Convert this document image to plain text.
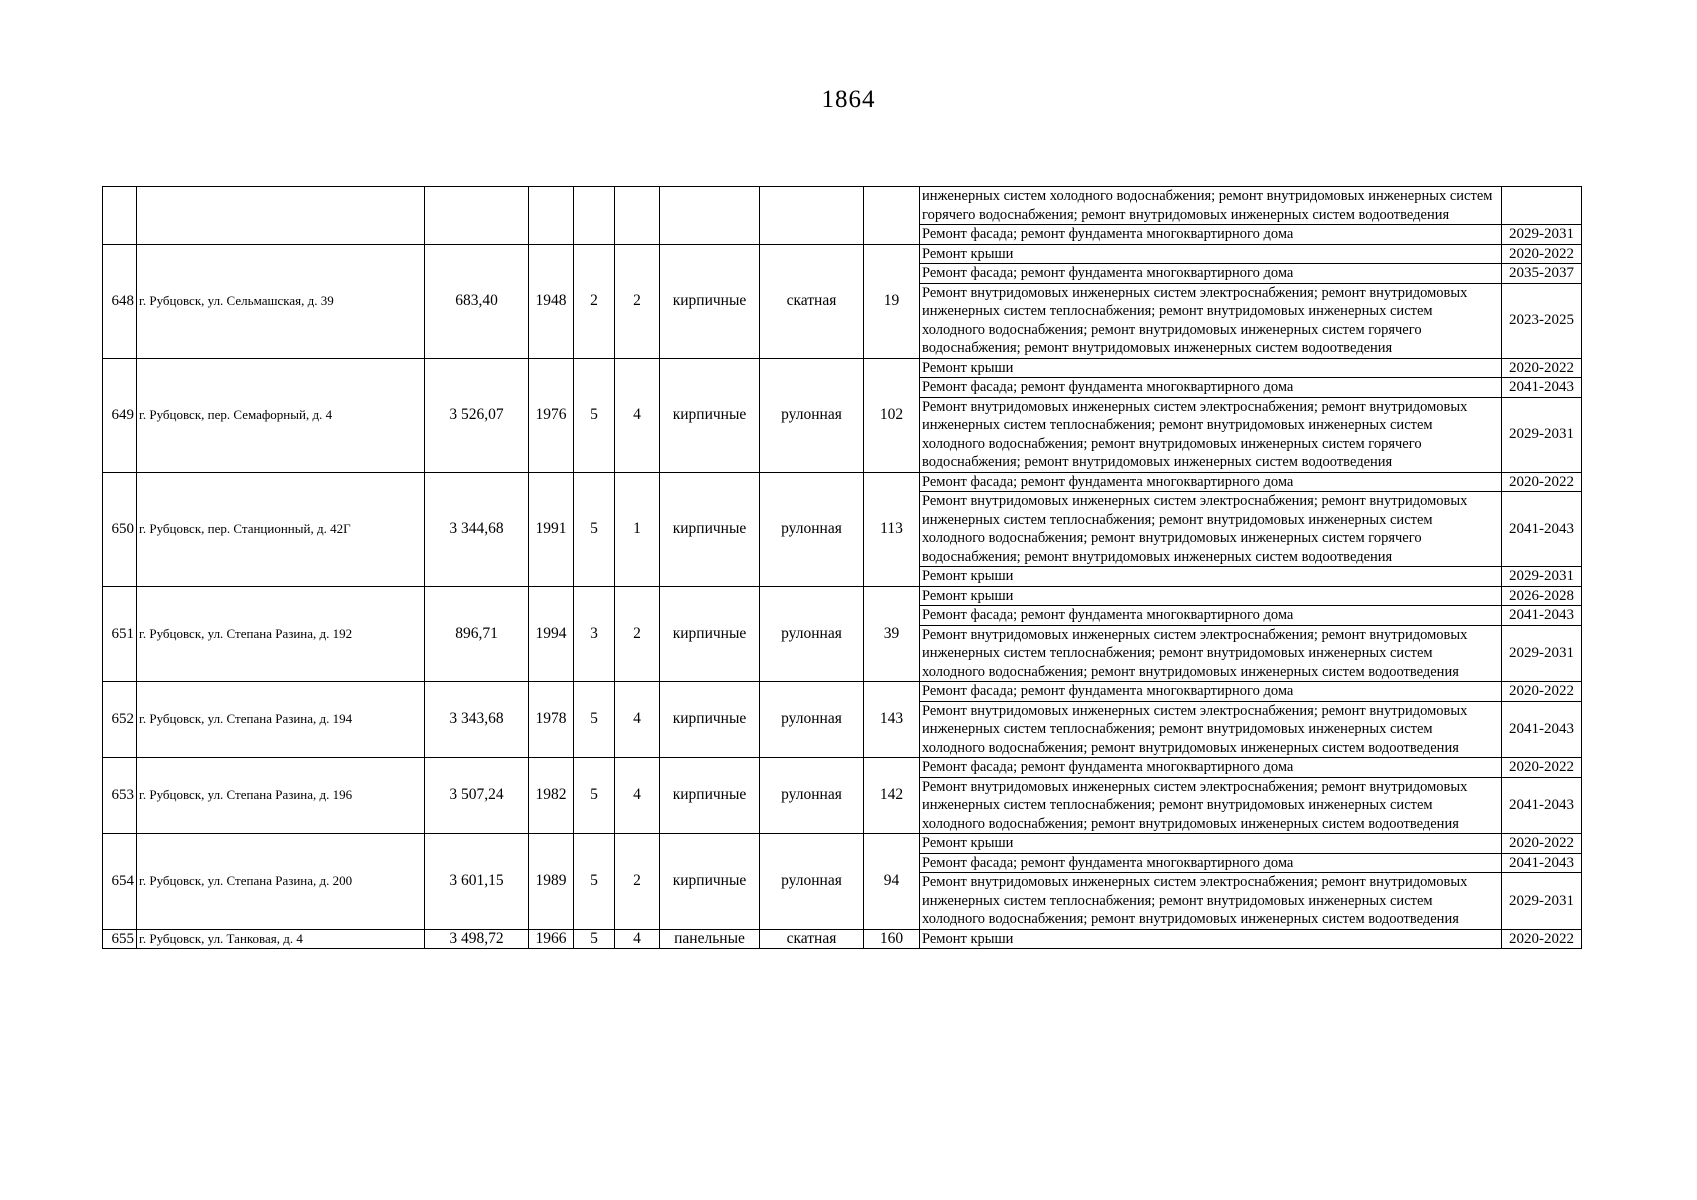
1864
									инженерных систем холодного водоснабжения; ремонт внутридомовых инженерных систем горячего водоснабжения; ремонт внутридомовых инженерных систем водоотведения	
									Ремонт фасада; ремонт фундамента многоквартирного дома	2029-2031
648	г. Рубцовск, ул. Сельмашская, д. 39	683,40	1948	2	2	кирпичные	скатная	19	Ремонт крыши	2020-2022
									Ремонт фасада; ремонт фундамента многоквартирного дома	2035-2037
									Ремонт внутридомовых инженерных систем электроснабжения; ремонт внутридомовых инженерных систем теплоснабжения; ремонт внутридомовых инженерных систем холодного водоснабжения; ремонт внутридомовых инженерных систем горячего водоснабжения; ремонт внутридомовых инженерных систем водоотведения	2023-2025
649	г. Рубцовск, пер. Семафорный, д. 4	3 526,07	1976	5	4	кирпичные	рулонная	102	Ремонт крыши	2020-2022
									Ремонт фасада; ремонт фундамента многоквартирного дома	2041-2043
									Ремонт внутридомовых инженерных систем электроснабжения; ремонт внутридомовых инженерных систем теплоснабжения; ремонт внутридомовых инженерных систем холодного водоснабжения; ремонт внутридомовых инженерных систем горячего водоснабжения; ремонт внутридомовых инженерных систем водоотведения	2029-2031
650	г. Рубцовск, пер. Станционный, д. 42Г	3 344,68	1991	5	1	кирпичные	рулонная	113	Ремонт фасада; ремонт фундамента многоквартирного дома	2020-2022
									Ремонт внутридомовых инженерных систем электроснабжения; ремонт внутридомовых инженерных систем теплоснабжения; ремонт внутридомовых инженерных систем холодного водоснабжения; ремонт внутридомовых инженерных систем горячего водоснабжения; ремонт внутридомовых инженерных систем водоотведения	2041-2043
									Ремонт крыши	2029-2031
651	г. Рубцовск, ул. Степана Разина, д. 192	896,71	1994	3	2	кирпичные	рулонная	39	Ремонт крыши	2026-2028
									Ремонт фасада; ремонт фундамента многоквартирного дома	2041-2043
									Ремонт внутридомовых инженерных систем электроснабжения; ремонт внутридомовых инженерных систем теплоснабжения; ремонт внутридомовых инженерных систем холодного водоснабжения; ремонт внутридомовых инженерных систем водоотведения	2029-2031
652	г. Рубцовск, ул. Степана Разина, д. 194	3 343,68	1978	5	4	кирпичные	рулонная	143	Ремонт фасада; ремонт фундамента многоквартирного дома	2020-2022
									Ремонт внутридомовых инженерных систем электроснабжения; ремонт внутридомовых инженерных систем теплоснабжения; ремонт внутридомовых инженерных систем холодного водоснабжения; ремонт внутридомовых инженерных систем водоотведения	2041-2043
653	г. Рубцовск, ул. Степана Разина, д. 196	3 507,24	1982	5	4	кирпичные	рулонная	142	Ремонт фасада; ремонт фундамента многоквартирного дома	2020-2022
									Ремонт внутридомовых инженерных систем электроснабжения; ремонт внутридомовых инженерных систем теплоснабжения; ремонт внутридомовых инженерных систем холодного водоснабжения; ремонт внутридомовых инженерных систем водоотведения	2041-2043
654	г. Рубцовск, ул. Степана Разина, д. 200	3 601,15	1989	5	2	кирпичные	рулонная	94	Ремонт крыши	2020-2022
									Ремонт фасада; ремонт фундамента многоквартирного дома	2041-2043
									Ремонт внутридомовых инженерных систем электроснабжения; ремонт внутридомовых инженерных систем теплоснабжения; ремонт внутридомовых инженерных систем холодного водоснабжения; ремонт внутридомовых инженерных систем водоотведения	2029-2031
655	г. Рубцовск, ул. Танковая, д. 4	3 498,72	1966	5	4	панельные	скатная	160	Ремонт крыши	2020-2022
